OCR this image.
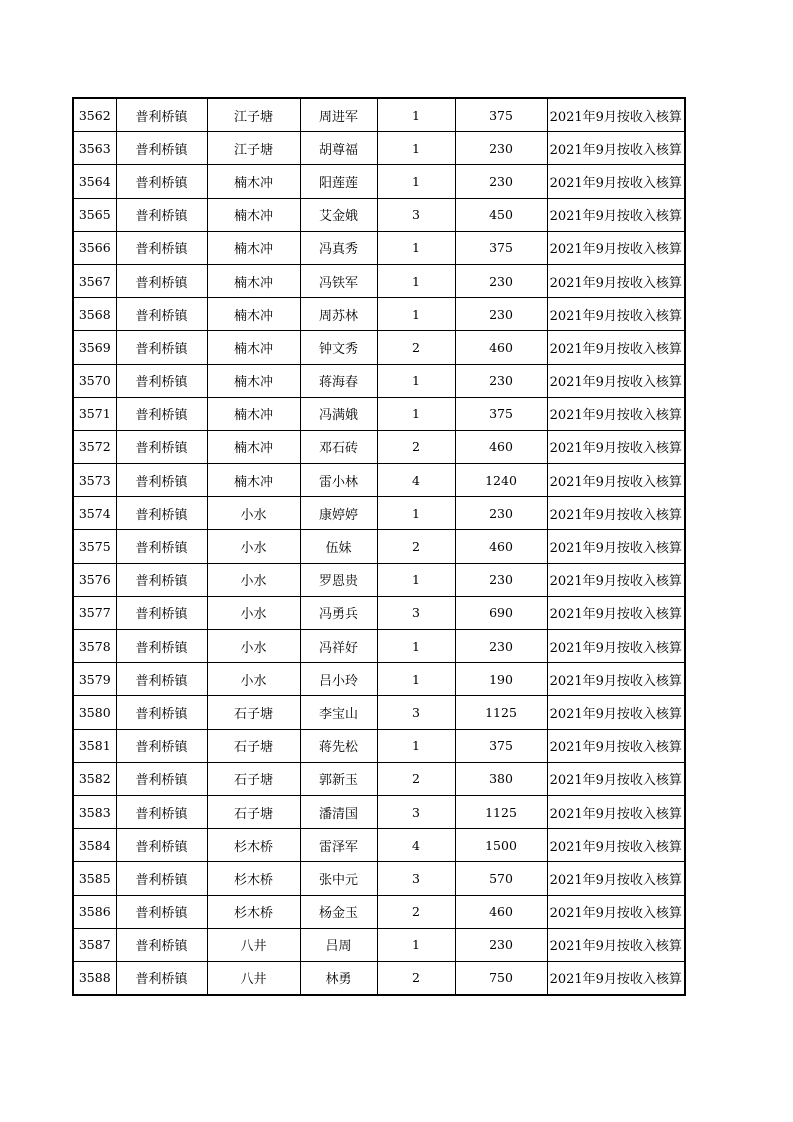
3562	普利桥镇	江子塘	周进军	1	375	2021年9月按收入核算
3563	普利桥镇	江子塘	胡尊福	1	230	2021年9月按收入核算
3564	普利桥镇	楠木冲	阳莲莲	1	230	2021年9月按收入核算
3565	普利桥镇	楠木冲	艾金娥	3	450	2021年9月按收入核算
3566	普利桥镇	楠木冲	冯真秀	1	375	2021年9月按收入核算
3567	普利桥镇	楠木冲	冯铁军	1	230	2021年9月按收入核算
3568	普利桥镇	楠木冲	周苏林	1	230	2021年9月按收入核算
3569	普利桥镇	楠木冲	钟文秀	2	460	2021年9月按收入核算
3570	普利桥镇	楠木冲	蒋海春	1	230	2021年9月按收入核算
3571	普利桥镇	楠木冲	冯满娥	1	375	2021年9月按收入核算
3572	普利桥镇	楠木冲	邓石砖	2	460	2021年9月按收入核算
3573	普利桥镇	楠木冲	雷小林	4	1240	2021年9月按收入核算
3574	普利桥镇	小水	康婷婷	1	230	2021年9月按收入核算
3575	普利桥镇	小水	伍妹	2	460	2021年9月按收入核算
3576	普利桥镇	小水	罗恩贵	1	230	2021年9月按收入核算
3577	普利桥镇	小水	冯勇兵	3	690	2021年9月按收入核算
3578	普利桥镇	小水	冯祥好	1	230	2021年9月按收入核算
3579	普利桥镇	小水	吕小玲	1	190	2021年9月按收入核算
3580	普利桥镇	石子塘	李宝山	3	1125	2021年9月按收入核算
3581	普利桥镇	石子塘	蒋先松	1	375	2021年9月按收入核算
3582	普利桥镇	石子塘	郭新玉	2	380	2021年9月按收入核算
3583	普利桥镇	石子塘	潘清国	3	1125	2021年9月按收入核算
3584	普利桥镇	杉木桥	雷泽军	4	1500	2021年9月按收入核算
3585	普利桥镇	杉木桥	张中元	3	570	2021年9月按收入核算
3586	普利桥镇	杉木桥	杨金玉	2	460	2021年9月按收入核算
3587	普利桥镇	八井	吕周	1	230	2021年9月按收入核算
3588	普利桥镇	八井	林勇	2	750	2021年9月按收入核算
